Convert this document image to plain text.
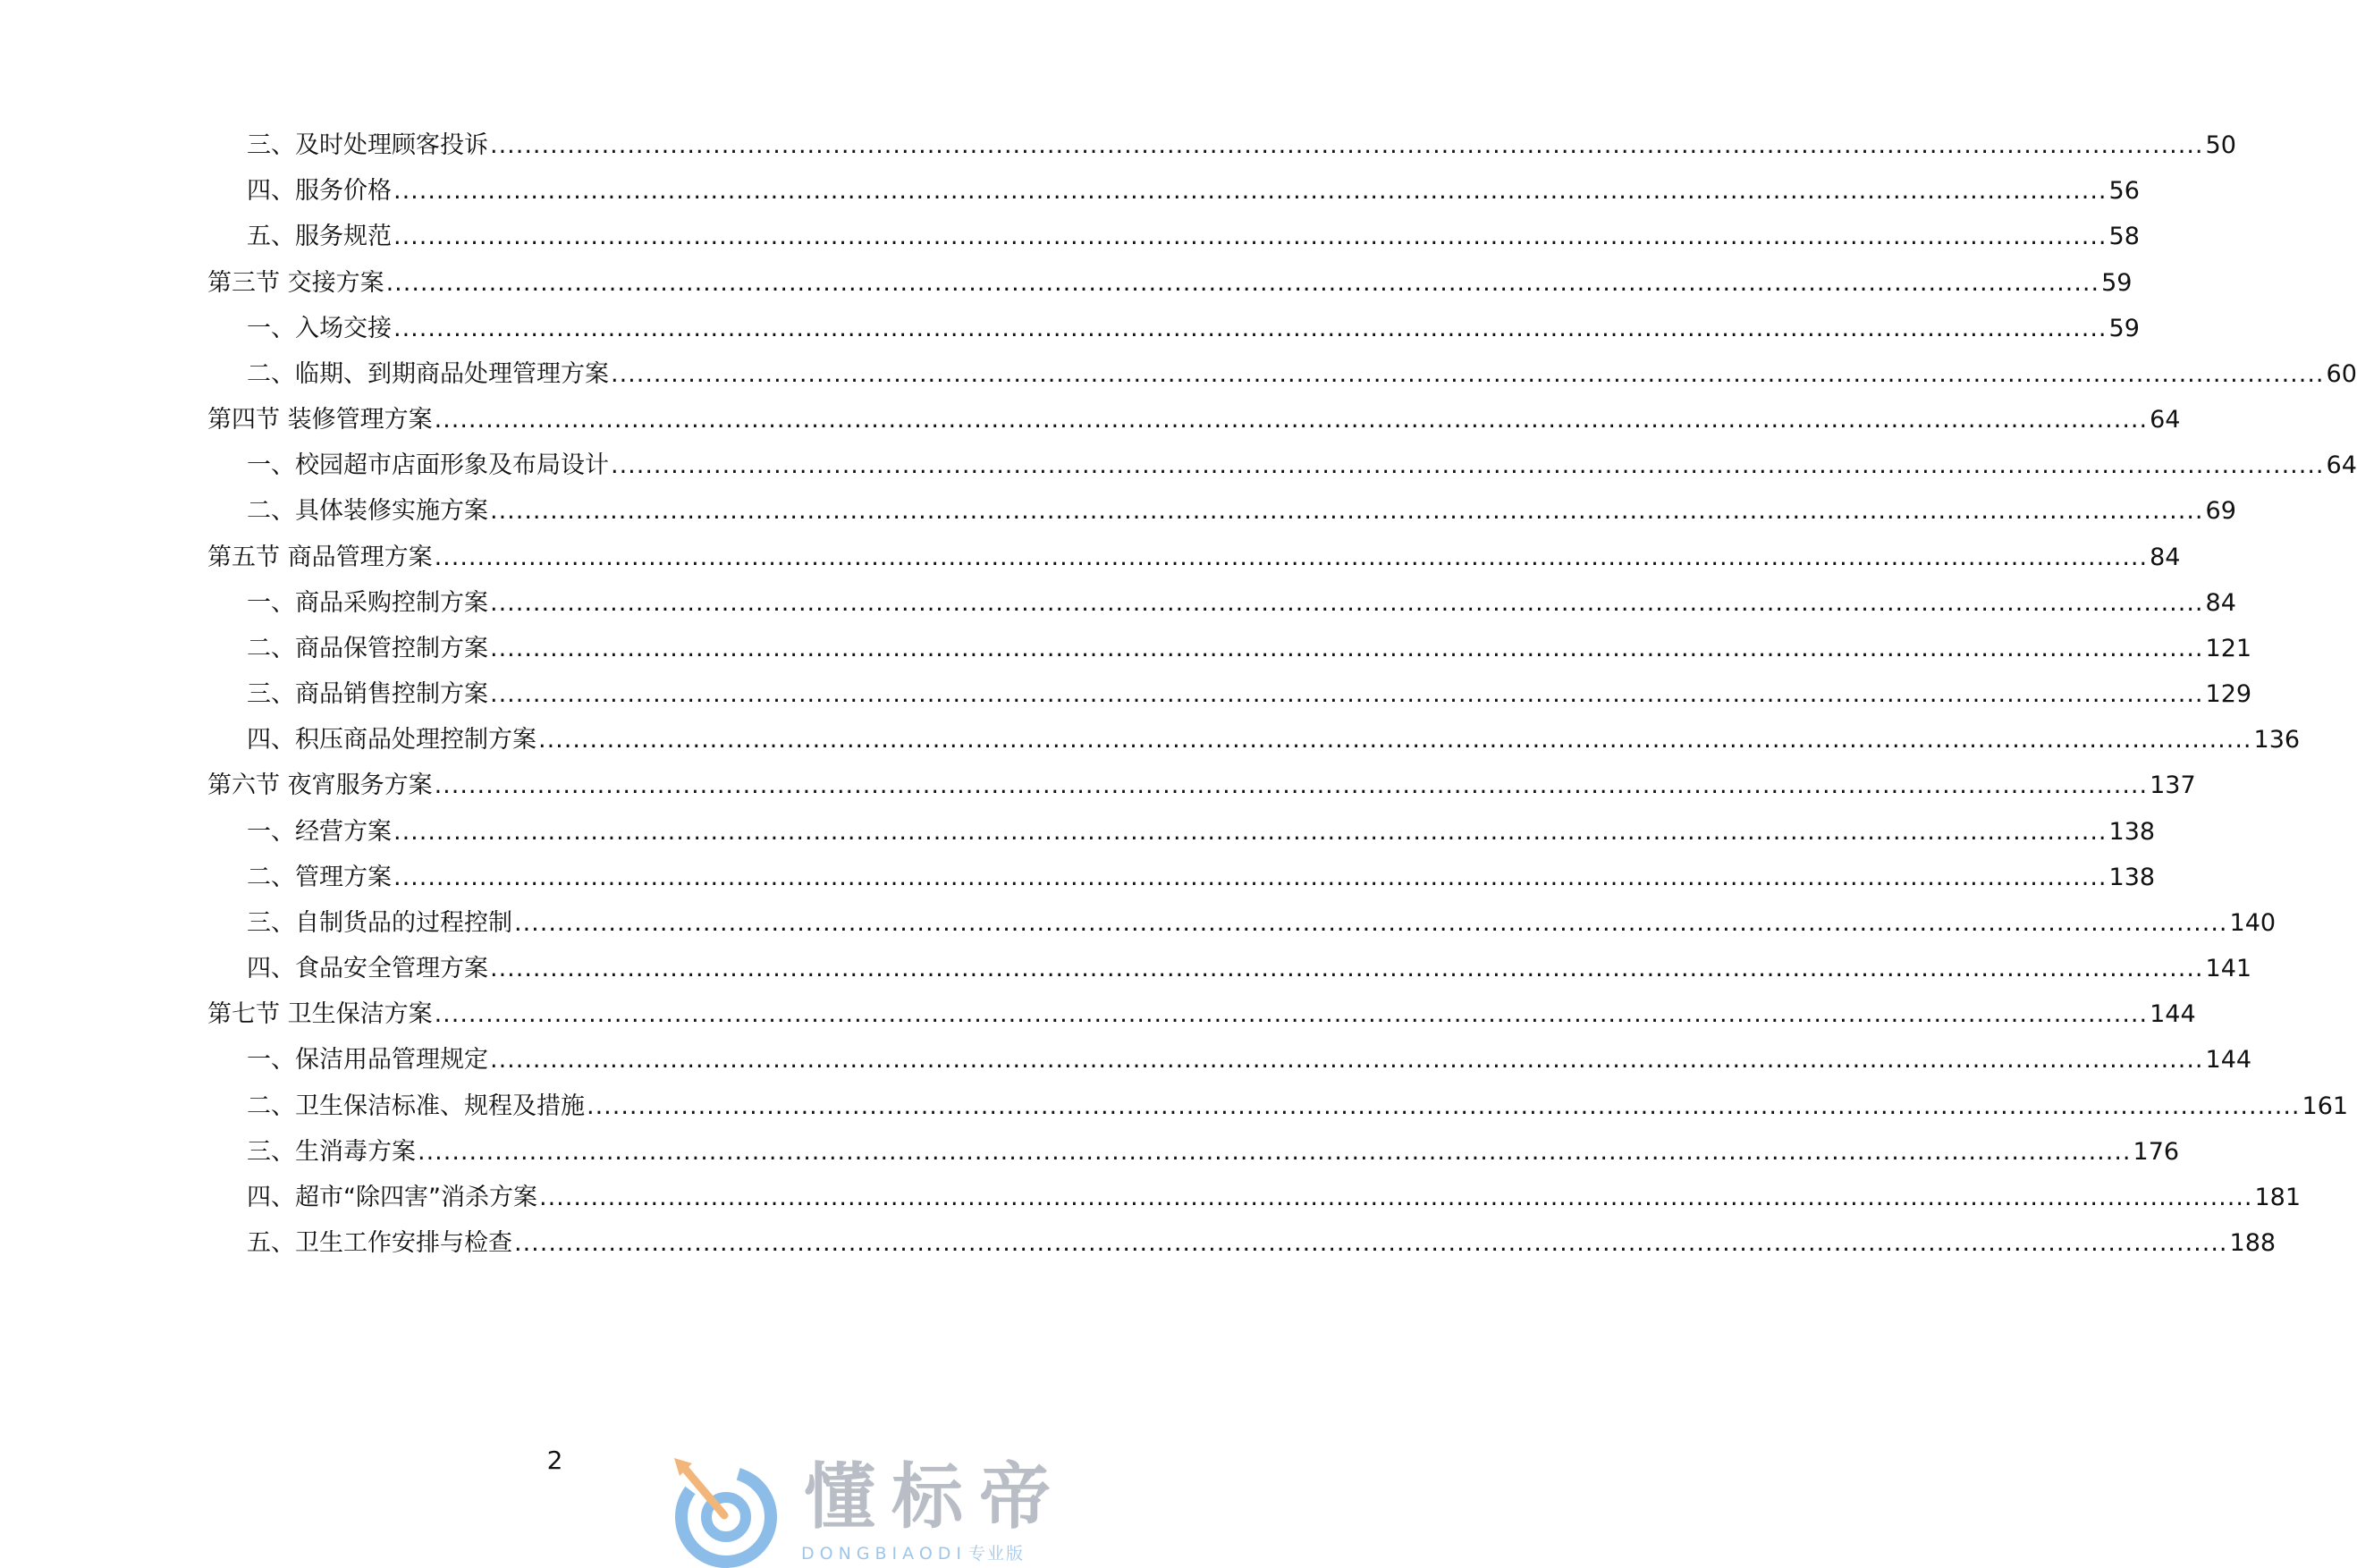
三、及时处理顾客投诉 ........................................................................................................................................................................................................ 50
四、服务价格 ........................................................................................................................................................................................................ 56
五、服务规范 ........................................................................................................................................................................................................ 58
第三节 交接方案 ........................................................................................................................................................................................................ 59
一、入场交接 ........................................................................................................................................................................................................ 59
二、临期、到期商品处理管理方案 ........................................................................................................................................................................................................ 60
第四节 装修管理方案 ........................................................................................................................................................................................................ 64
一、校园超市店面形象及布局设计 ........................................................................................................................................................................................................ 64
二、具体装修实施方案 ........................................................................................................................................................................................................ 69
第五节 商品管理方案 ........................................................................................................................................................................................................ 84
一、商品采购控制方案 ........................................................................................................................................................................................................ 84
二、商品保管控制方案 ........................................................................................................................................................................................................ 121
三、商品销售控制方案 ........................................................................................................................................................................................................ 129
四、积压商品处理控制方案 ........................................................................................................................................................................................................ 136
第六节 夜宵服务方案 ........................................................................................................................................................................................................ 137
一、经营方案 ........................................................................................................................................................................................................ 138
二、管理方案 ........................................................................................................................................................................................................ 138
三、自制货品的过程控制 ........................................................................................................................................................................................................ 140
四、食品安全管理方案 ........................................................................................................................................................................................................ 141
第七节 卫生保洁方案 ........................................................................................................................................................................................................ 144
一、保洁用品管理规定 ........................................................................................................................................................................................................ 144
二、卫生保洁标准、规程及措施 ........................................................................................................................................................................................................ 161
三、生消毒方案 ........................................................................................................................................................................................................ 176
四、超市“除四害”消杀方案 ........................................................................................................................................................................................................ 181
五、卫生工作安排与检查 ........................................................................................................................................................................................................ 188
2	懂标帝
DONGBIAODI 专业版
